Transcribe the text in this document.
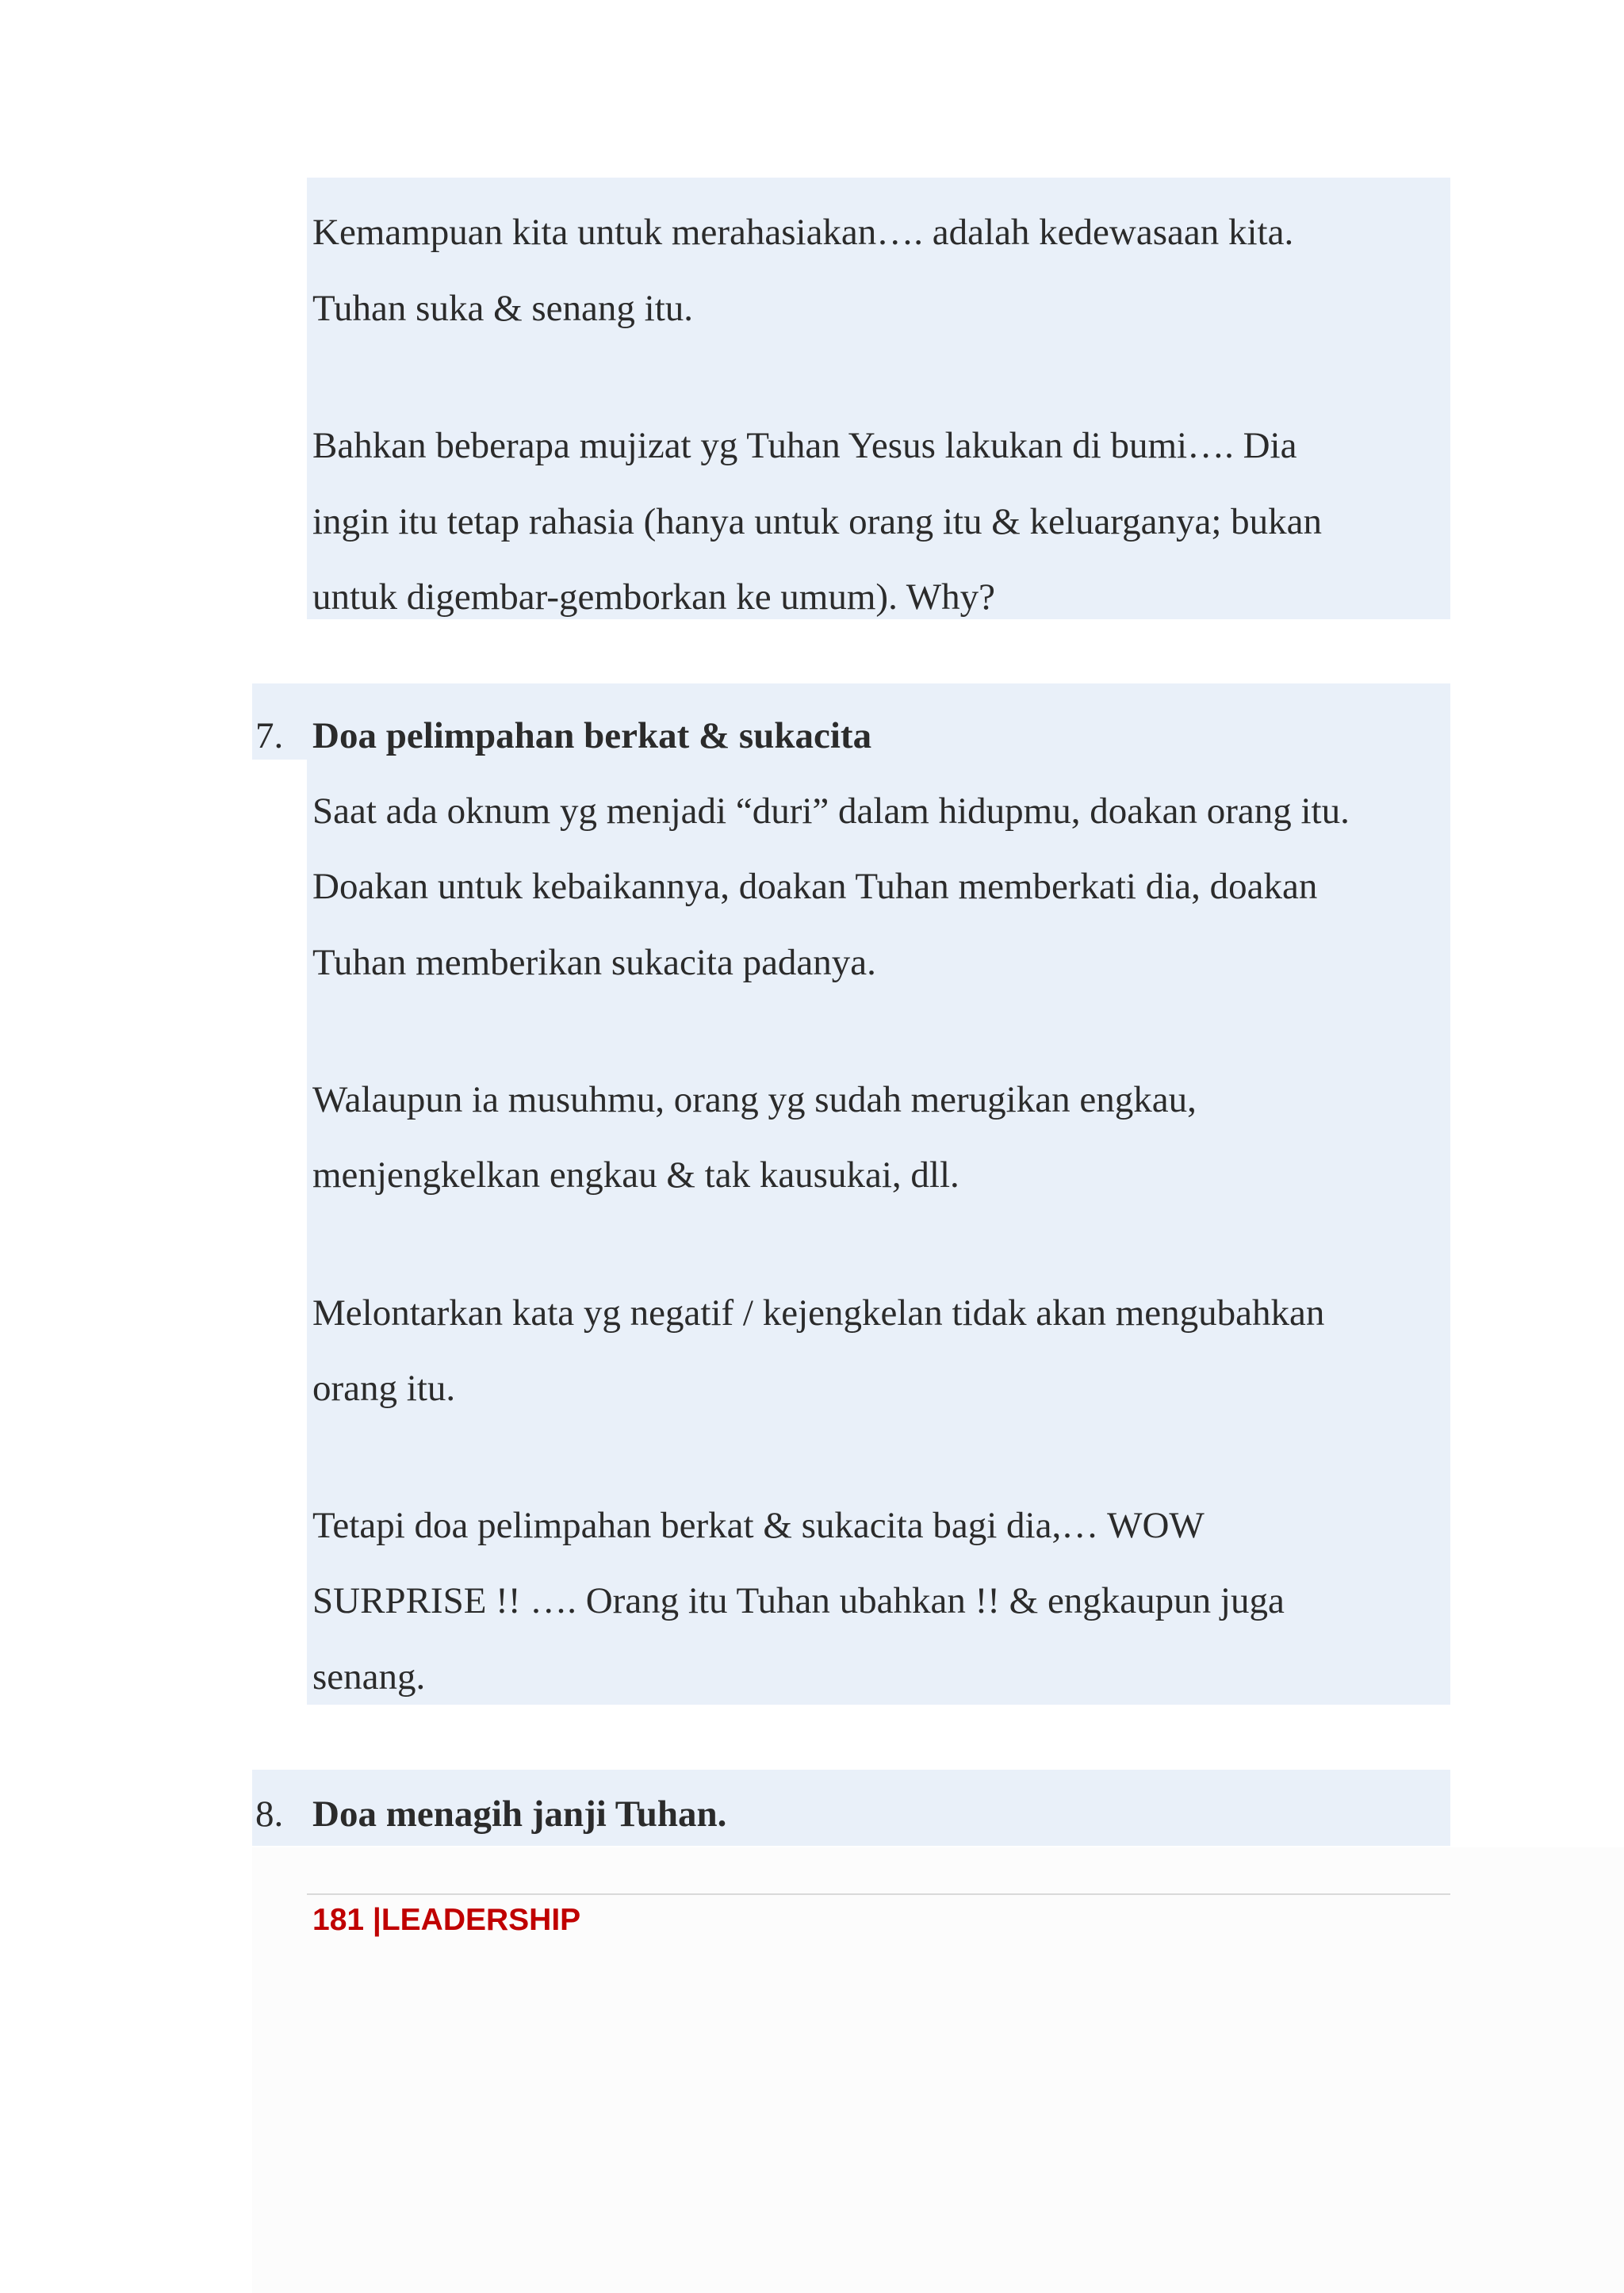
Kemampuan kita untuk merahasiakan…. adalah kedewasaan kita.
Tuhan suka & senang itu.
Bahkan beberapa mujizat yg Tuhan Yesus lakukan di bumi…. Dia
ingin itu tetap rahasia (hanya untuk orang itu & keluarganya; bukan
untuk digembar-gemborkan ke umum). Why?
7. Doa pelimpahan berkat & sukacita
Saat ada oknum yg menjadi “duri” dalam hidupmu, doakan orang itu.
Doakan untuk kebaikannya, doakan Tuhan memberkati dia, doakan
Tuhan memberikan sukacita padanya.
Walaupun ia musuhmu, orang yg sudah merugikan engkau,
menjengkelkan engkau & tak kausukai, dll.
Melontarkan kata yg negatif / kejengkelan tidak akan mengubahkan
orang itu.
Tetapi doa pelimpahan berkat & sukacita bagi dia,… WOW
SURPRISE !! …. Orang itu Tuhan ubahkan !! & engkaupun juga
senang.
8. Doa menagih janji Tuhan.
181 |LEADERSHIP
